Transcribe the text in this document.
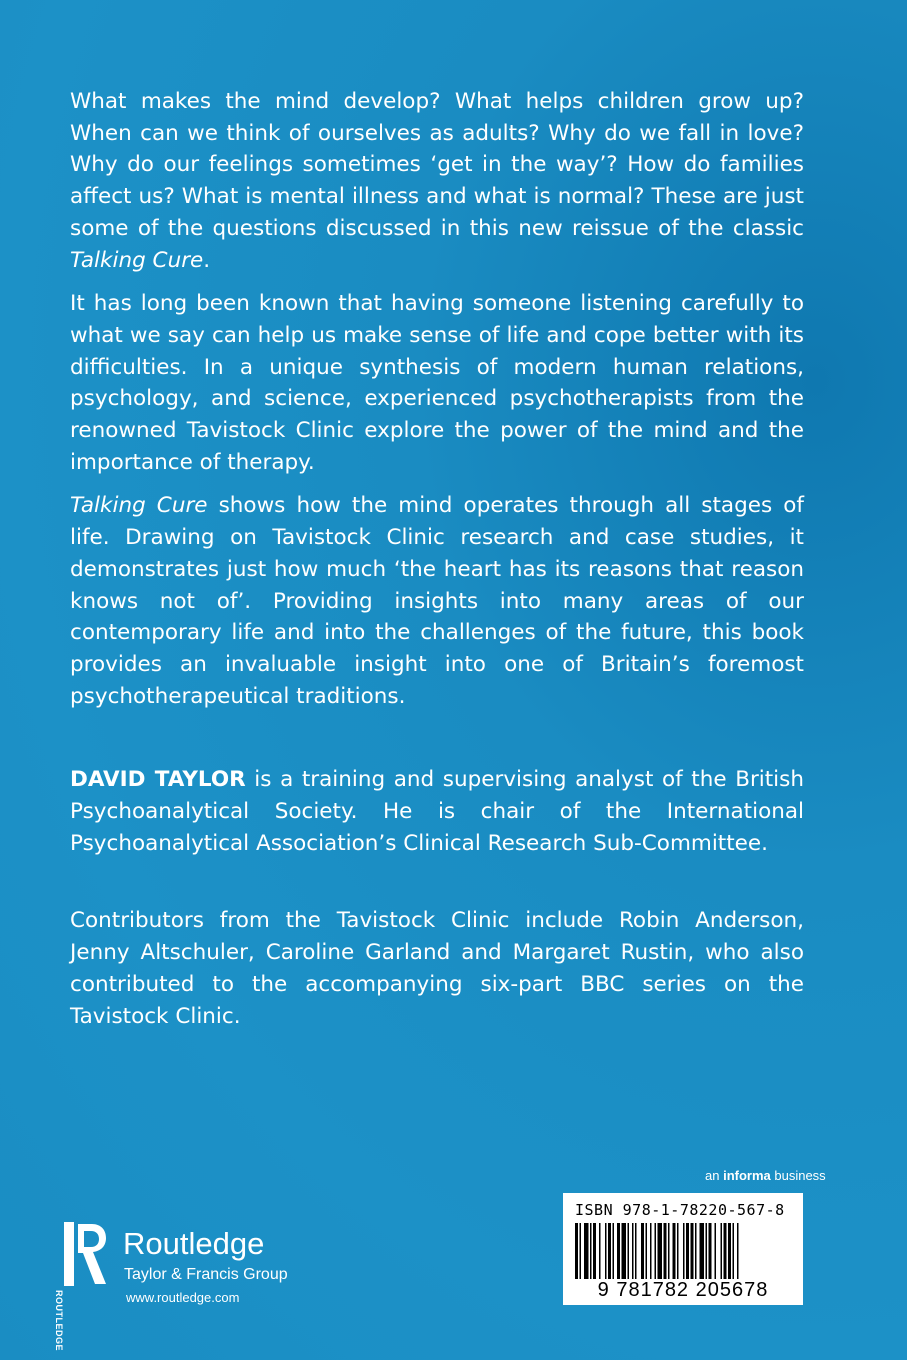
What makes the mind develop? What helps children grow up? When can we think of ourselves as adults? Why do we fall in love? Why do our feelings sometimes ‘get in the way’? How do families affect us? What is mental illness and what is normal? These are just some of the questions discussed in this new reissue of the classic Talking Cure.

It has long been known that having someone listening carefully to what we say can help us make sense of life and cope better with its difficulties. In a unique synthesis of modern human relations, psychology, and science, experienced psychotherapists from the renowned Tavistock Clinic explore the power of the mind and the importance of therapy.

Talking Cure shows how the mind operates through all stages of life. Drawing on Tavistock Clinic research and case studies, it demonstrates just how much ‘the heart has its reasons that reason knows not of’. Providing insights into many areas of our contemporary life and into the challenges of the future, this book provides an invaluable insight into one of Britain’s foremost psychotherapeutical traditions.

DAVID TAYLOR is a training and supervising analyst of the British Psychoanalytical Society. He is chair of the International Psychoanalytical Association’s Clinical Research Sub-Committee.

Contributors from the Tavistock Clinic include Robin Anderson, Jenny Altschuler, Caroline Garland and Margaret Rustin, who also contributed to the accompanying six-part BBC series on the Tavistock Clinic.

an informa business
ISBN 978-1-78220-567-8
9 781782 205678
ROUTLEDGE
Routledge
Taylor & Francis Group
www.routledge.com
